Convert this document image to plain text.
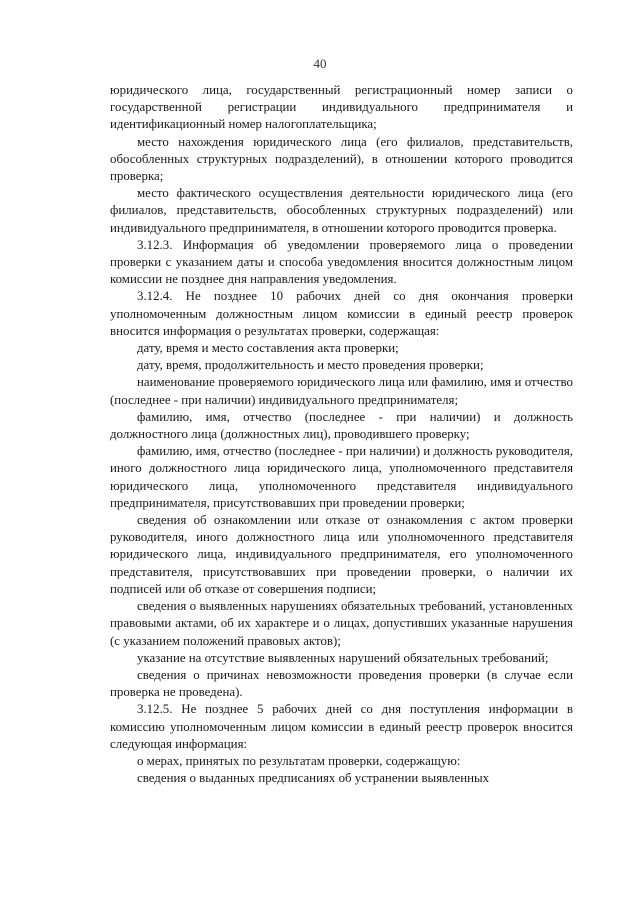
40

юридического лица, государственный регистрационный номер записи о государственной регистрации индивидуального предпринимателя и идентификационный номер налогоплательщика;

место нахождения юридического лица (его филиалов, представительств, обособленных структурных подразделений), в отношении которого проводится проверка;

место фактического осуществления деятельности юридического лица (его филиалов, представительств, обособленных структурных подразделений) или индивидуального предпринимателя, в отношении которого проводится проверка.

3.12.3. Информация об уведомлении проверяемого лица о проведении проверки с указанием даты и способа уведомления вносится должностным лицом комиссии не позднее дня направления уведомления.

3.12.4. Не позднее 10 рабочих дней со дня окончания проверки уполномоченным должностным лицом комиссии в единый реестр проверок вносится информация о результатах проверки, содержащая:

дату, время и место составления акта проверки;

дату, время, продолжительность и место проведения проверки;

наименование проверяемого юридического лица или фамилию, имя и отчество (последнее - при наличии) индивидуального предпринимателя;

фамилию, имя, отчество (последнее - при наличии) и должность должностного лица (должностных лиц), проводившего проверку;

фамилию, имя, отчество (последнее - при наличии) и должность руководителя, иного должностного лица юридического лица, уполномоченного представителя юридического лица, уполномоченного представителя индивидуального предпринимателя, присутствовавших при проведении проверки;

сведения об ознакомлении или отказе от ознакомления с актом проверки руководителя, иного должностного лица или уполномоченного представителя юридического лица, индивидуального предпринимателя, его уполномоченного представителя, присутствовавших при проведении проверки, о наличии их подписей или об отказе от совершения подписи;

сведения о выявленных нарушениях обязательных требований, установленных правовыми актами, об их характере и о лицах, допустивших указанные нарушения (с указанием положений правовых актов);

указание на отсутствие выявленных нарушений обязательных требований;

сведения о причинах невозможности проведения проверки (в случае если проверка не проведена).

3.12.5. Не позднее 5 рабочих дней со дня поступления информации в комиссию уполномоченным лицом комиссии в единый реестр проверок вносится следующая информация:

о мерах, принятых по результатам проверки, содержащую:

сведения о выданных предписаниях об устранении выявленных
